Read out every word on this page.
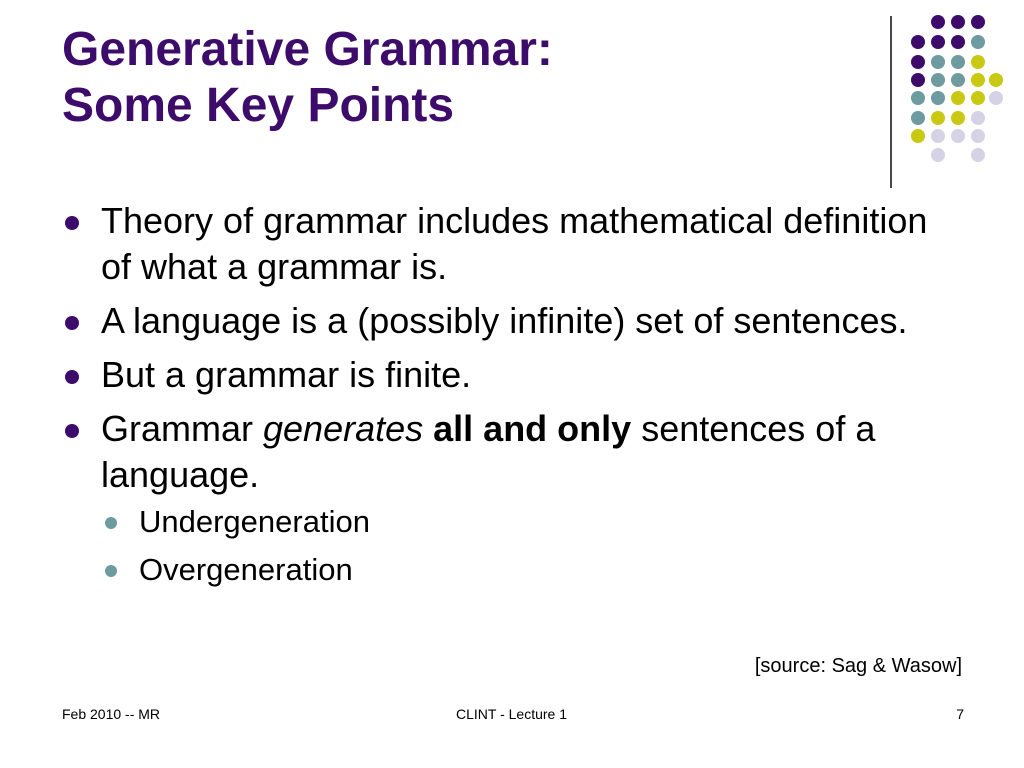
Generative Grammar:
Some Key Points
Theory of grammar includes mathematical definition of what a grammar is.
A language is a (possibly infinite) set of sentences.
But a grammar is finite.
Grammar generates all and only sentences of a language.
Undergeneration
Overgeneration
[source: Sag & Wasow]
Feb 2010 -- MR	CLINT - Lecture 1	7
